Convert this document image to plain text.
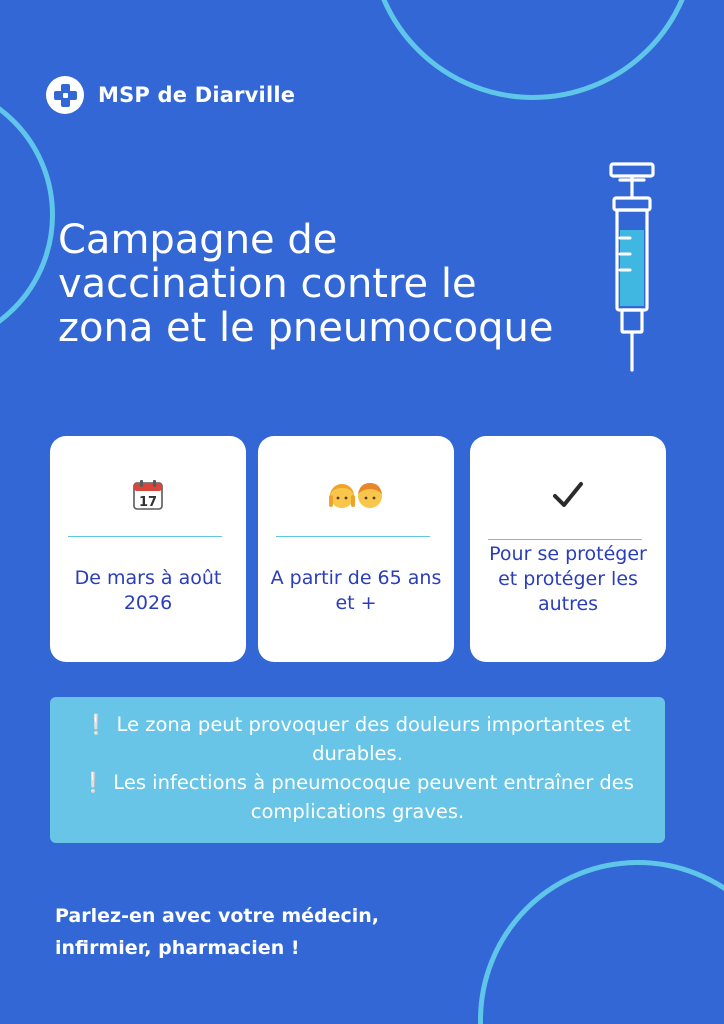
MSP de Diarville
Campagne de vaccination contre le zona et le pneumocoque
17
De mars à août 2026
A partir de 65 ans et +
Pour se protéger et protéger les autres
❕ Le zona peut provoquer des douleurs importantes et durables.
❕ Les infections à pneumocoque peuvent entraîner des complications graves.
Parlez-en avec votre médecin,
infirmier, pharmacien !
